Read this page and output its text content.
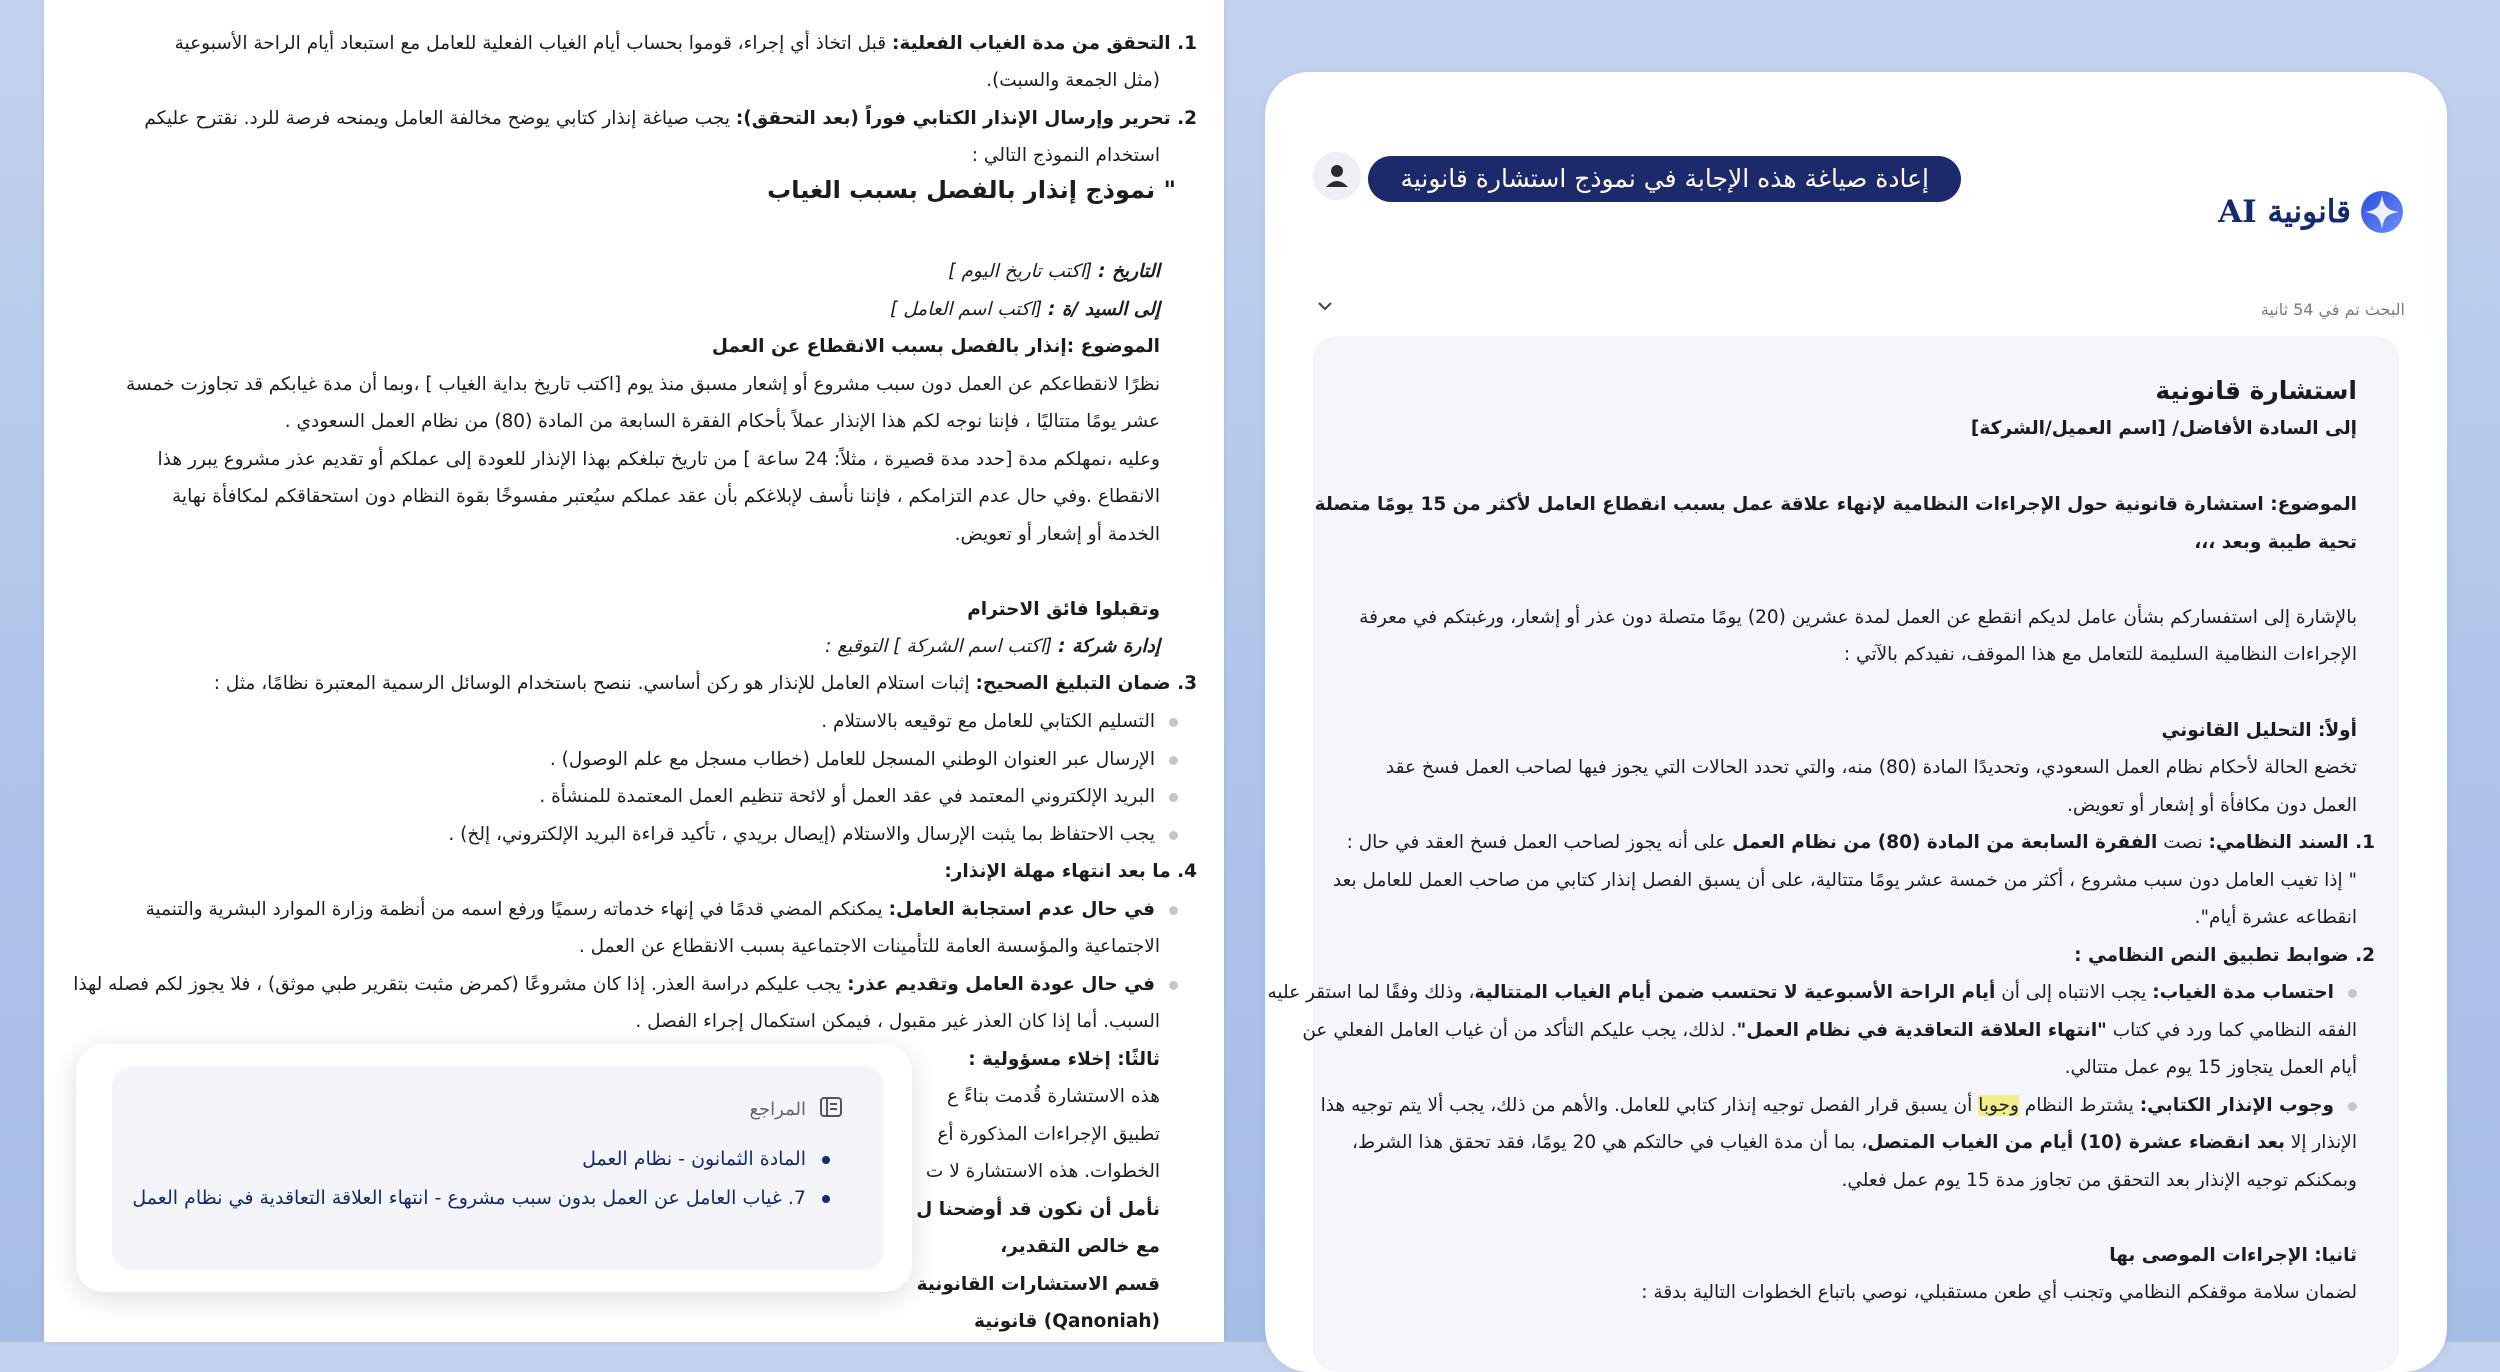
1. التحقق من مدة الغياب الفعلية: قبل اتخاذ أي إجراء، قوموا بحساب أيام الغياب الفعلية للعامل مع استبعاد أيام الراحة الأسبوعية
(مثل الجمعة والسبت).
2. تحرير وإرسال الإنذار الكتابي فوراً (بعد التحقق): يجب صياغة إنذار كتابي يوضح مخالفة العامل ويمنحه فرصة للرد. نقترح عليكم
استخدام النموذج التالي :
" نموذج إنذار بالفصل بسبب الغياب
التاريخ : [اكتب تاريخ اليوم ]
إلى السيد /ة : [اكتب اسم العامل ]
الموضوع :إنذار بالفصل بسبب الانقطاع عن العمل
نظرًا لانقطاعكم عن العمل دون سبب مشروع أو إشعار مسبق منذ يوم [اكتب تاريخ بداية الغياب ] ،وبما أن مدة غيابكم قد تجاوزت خمسة
عشر يومًا متتاليًا ، فإننا نوجه لكم هذا الإنذار عملاً بأحكام الفقرة السابعة من المادة (80) من نظام العمل السعودي .
وعليه ،نمهلكم مدة [حدد مدة قصيرة ، مثلاً: 24 ساعة ] من تاريخ تبلغكم بهذا الإنذار للعودة إلى عملكم أو تقديم عذر مشروع يبرر هذا
الانقطاع .وفي حال عدم التزامكم ، فإننا نأسف لإبلاغكم بأن عقد عملكم سيُعتبر مفسوخًا بقوة النظام دون استحقاقكم لمكافأة نهاية
الخدمة أو إشعار أو تعويض.
وتقبلوا فائق الاحترام
إدارة شركة : [اكتب اسم الشركة ] التوقيع :
3. ضمان التبليغ الصحيح: إثبات استلام العامل للإنذار هو ركن أساسي. ننصح باستخدام الوسائل الرسمية المعتبرة نظامًا، مثل :
التسليم الكتابي للعامل مع توقيعه بالاستلام .
الإرسال عبر العنوان الوطني المسجل للعامل (خطاب مسجل مع علم الوصول) .
البريد الإلكتروني المعتمد في عقد العمل أو لائحة تنظيم العمل المعتمدة للمنشأة .
يجب الاحتفاظ بما يثبت الإرسال والاستلام (إيصال بريدي ، تأكيد قراءة البريد الإلكتروني، إلخ) .
4. ما بعد انتهاء مهلة الإنذار:
في حال عدم استجابة العامل: يمكنكم المضي قدمًا في إنهاء خدماته رسميًا ورفع اسمه من أنظمة وزارة الموارد البشرية والتنمية
الاجتماعية والمؤسسة العامة للتأمينات الاجتماعية بسبب الانقطاع عن العمل .
في حال عودة العامل وتقديم عذر: يجب عليكم دراسة العذر. إذا كان مشروعًا (كمرض مثبت بتقرير طبي موثق) ، فلا يجوز لكم فصله لهذا
السبب. أما إذا كان العذر غير مقبول ، فيمكن استكمال إجراء الفصل .
ثالثًا: إخلاء مسؤولية :
هذه الاستشارة قُدمت بناءً ع
تطبيق الإجراءات المذكورة أع
الخطوات. هذه الاستشارة لا ت
نأمل أن نكون قد أوضحنا ل
مع خالص التقدير،
قسم الاستشارات القانونية
(Qanoniah) قانونية
المراجع
المادة الثمانون - نظام العمل
7. غياب العامل عن العمل بدون سبب مشروع - انتهاء العلاقة التعاقدية في نظام العمل
إعادة صياغة هذه الإجابة في نموذج استشارة قانونية
قانونية AI
البحث تم في 54 ثانية
استشارة قانونية
إلى السادة الأفاضل/ [اسم العميل/الشركة]
الموضوع: استشارة قانونية حول الإجراءات النظامية لإنهاء علاقة عمل بسبب انقطاع العامل لأكثر من 15 يومًا متصلة
تحية طيبة وبعد ،،،
بالإشارة إلى استفساركم بشأن عامل لديكم انقطع عن العمل لمدة عشرين (20) يومًا متصلة دون عذر أو إشعار، ورغبتكم في معرفة
الإجراءات النظامية السليمة للتعامل مع هذا الموقف، نفيدكم بالآتي :
أولاً: التحليل القانوني
تخضع الحالة لأحكام نظام العمل السعودي، وتحديدًا المادة (80) منه، والتي تحدد الحالات التي يجوز فيها لصاحب العمل فسخ عقد
العمل دون مكافأة أو إشعار أو تعويض.
1. السند النظامي: نصت الفقرة السابعة من المادة (80) من نظام العمل على أنه يجوز لصاحب العمل فسخ العقد في حال :
" إذا تغيب العامل دون سبب مشروع ، أكثر من خمسة عشر يومًا متتالية، على أن يسبق الفصل إنذار كتابي من صاحب العمل للعامل بعد
انقطاعه عشرة أيام".
2. ضوابط تطبيق النص النظامي :
احتساب مدة الغياب: يجب الانتباه إلى أن أيام الراحة الأسبوعية لا تحتسب ضمن أيام الغياب المتتالية، وذلك وفقًا لما استقر عليه
الفقه النظامي كما ورد في كتاب "انتهاء العلاقة التعاقدية في نظام العمل". لذلك، يجب عليكم التأكد من أن غياب العامل الفعلي عن
أيام العمل يتجاوز 15 يوم عمل متتالي.
وجوب الإنذار الكتابي: يشترط النظام وجوبا أن يسبق قرار الفصل توجيه إنذار كتابي للعامل. والأهم من ذلك، يجب ألا يتم توجيه هذا
الإنذار إلا بعد انقضاء عشرة (10) أيام من الغياب المتصل، بما أن مدة الغياب في حالتكم هي 20 يومًا، فقد تحقق هذا الشرط،
وبمكنكم توجيه الإنذار بعد التحقق من تجاوز مدة 15 يوم عمل فعلي.
ثانيا: الإجراءات الموصى بها
لضمان سلامة موقفكم النظامي وتجنب أي طعن مستقبلي، نوصي باتباع الخطوات التالية بدقة :
